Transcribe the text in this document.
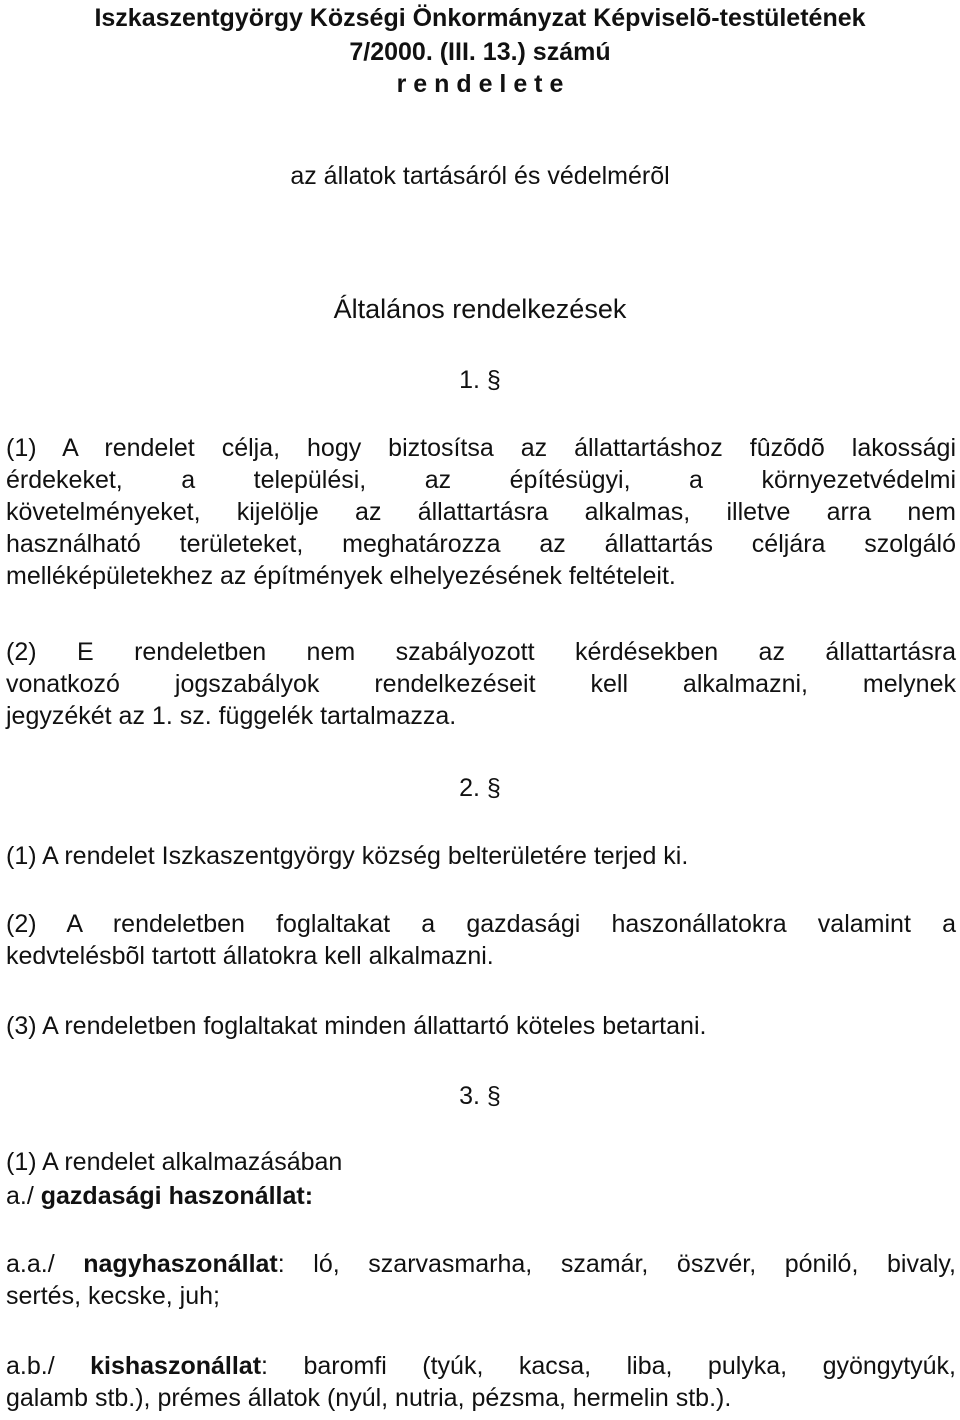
Iszkaszentgyörgy Községi Önkormányzat Képviselõ-testületének
7/2000. (III. 13.) számú
r e n d e l e t e
az állatok tartásáról és védelmérõl
Általános rendelkezések
1. §
(1) A rendelet célja, hogy biztosítsa az állattartáshoz fûzõdõ lakossági
érdekeket, a települési, az építésügyi, a környezetvédelmi
követelményeket, kijelölje az állattartásra alkalmas, illetve arra nem
használható területeket, meghatározza az állattartás céljára szolgáló
melléképületekhez az építmények elhelyezésének feltételeit.
(2) E rendeletben nem szabályozott kérdésekben az állattartásra
vonatkozó jogszabályok rendelkezéseit kell alkalmazni, melynek
jegyzékét az 1. sz. függelék tartalmazza.
2. §
(1) A rendelet Iszkaszentgyörgy község belterületére terjed ki.
(2) A rendeletben foglaltakat a gazdasági haszonállatokra valamint a
kedvtelésbõl tartott állatokra kell alkalmazni.
(3) A rendeletben foglaltakat minden állattartó köteles betartani.
3. §
(1) A rendelet alkalmazásában
a./ gazdasági haszonállat:
a.a./ nagyhaszonállat: ló, szarvasmarha, szamár, öszvér, póniló, bivaly,
sertés, kecske, juh;
a.b./ kishaszonállat: baromfi (tyúk, kacsa, liba, pulyka, gyöngytyúk,
galamb stb.), prémes állatok (nyúl, nutria, pézsma, hermelin stb.).
